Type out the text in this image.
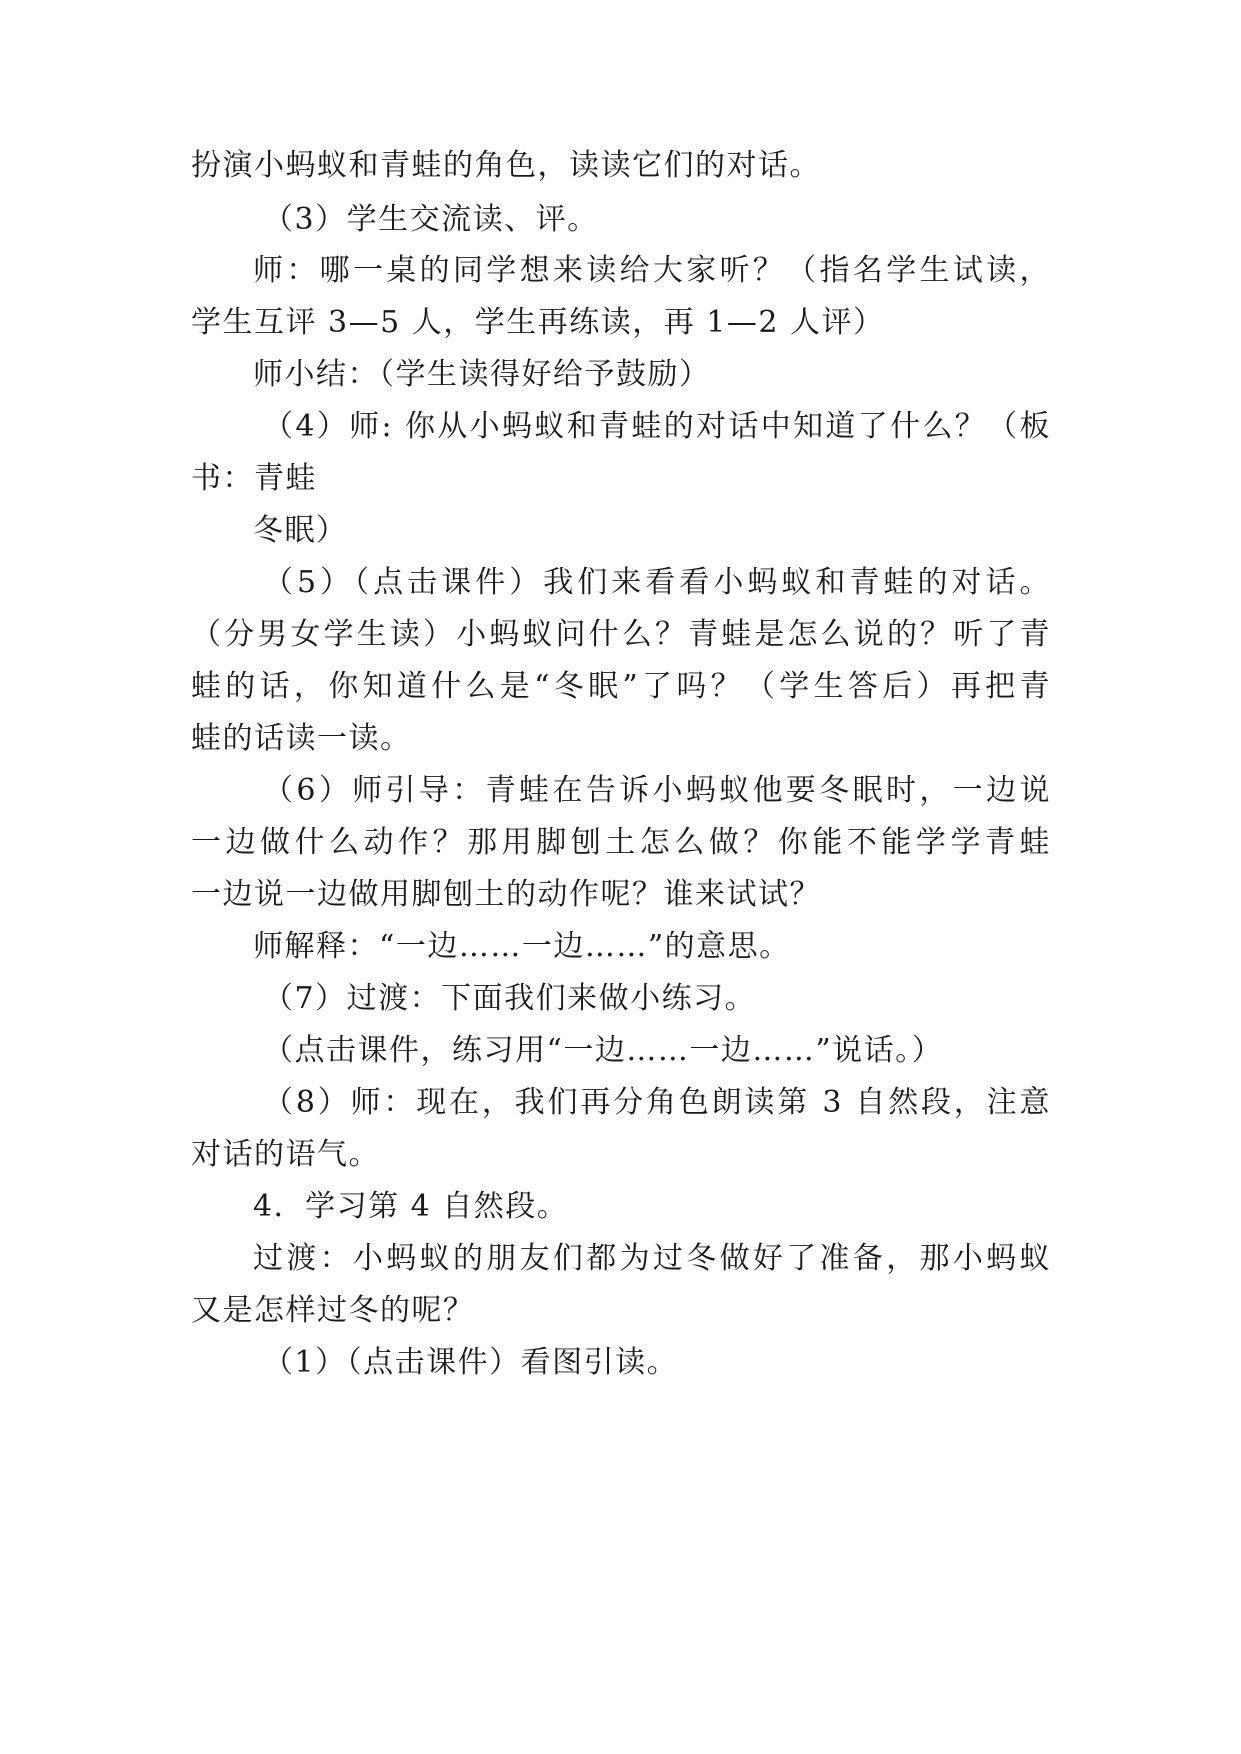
扮演小蚂蚁和青蛙的角色，读读它们的对话。
（3）学生交流读、评。
师：哪一桌的同学想来读给大家听？（指名学生试读，
学生互评 3—5 人，学生再练读，再 1—2 人评）
师小结：（学生读得好给予鼓励）
（4）师: 你从小蚂蚁和青蛙的对话中知道了什么？（板
书：青蛙
冬眠）
（5）（点击课件）我们来看看小蚂蚁和青蛙的对话。
（分男女学生读）小蚂蚁问什么？青蛙是怎么说的？听了青
蛙的话，你知道什么是“冬眠”了吗？（学生答后）再把青
蛙的话读一读。
（6）师引导：青蛙在告诉小蚂蚁他要冬眠时，一边说
一边做什么动作？那用脚刨土怎么做？你能不能学学青蛙
一边说一边做用脚刨土的动作呢？谁来试试？
师解释：“一边……一边……”的意思。
（7）过渡：下面我们来做小练习。
（点击课件，练习用“一边……一边……”说话。）
（8）师：现在，我们再分角色朗读第 3 自然段，注意
对话的语气。
4．学习第 4 自然段。
过渡：小蚂蚁的朋友们都为过冬做好了准备，那小蚂蚁
又是怎样过冬的呢？
（1）（点击课件）看图引读。
